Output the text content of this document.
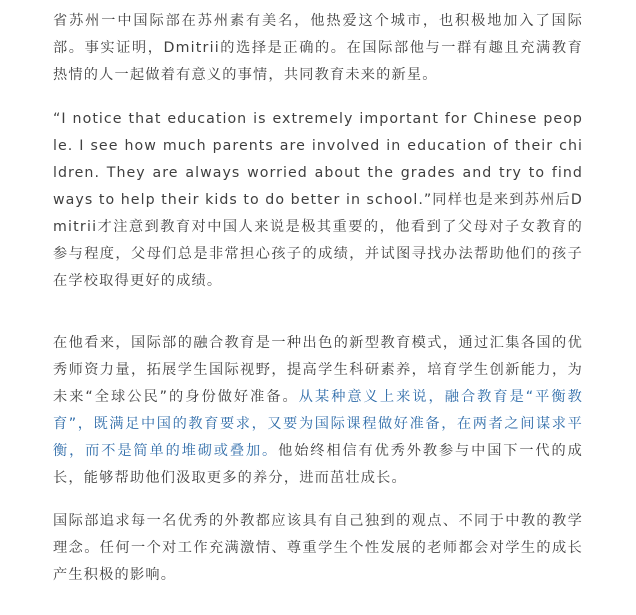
省苏州一中国际部在苏州素有美名，他热爱这个城市，也积极地加入了国际部。事实证明，Dmitrii的选择是正确的。在国际部他与一群有趣且充满教育热情的人一起做着有意义的事情，共同教育未来的新星。

“I notice that education is extremely important for Chinese people. I see how much parents are involved in education of their children. They are always worried about the grades and try to find ways to help their kids to do better in school.”同样也是来到苏州后Dmitrii才注意到教育对中国人来说是极其重要的，他看到了父母对子女教育的参与程度，父母们总是非常担心孩子的成绩，并试图寻找办法帮助他们的孩子在学校取得更好的成绩。

在他看来，国际部的融合教育是一种出色的新型教育模式，通过汇集各国的优秀师资力量，拓展学生国际视野，提高学生科研素养，培育学生创新能力，为未来“全球公民”的身份做好准备。从某种意义上来说，融合教育是“平衡教育”，既满足中国的教育要求，又要为国际课程做好准备，在两者之间谋求平衡，而不是简单的堆砌或叠加。他始终相信有优秀外教参与中国下一代的成长，能够帮助他们汲取更多的养分，进而茁壮成长。

国际部追求每一名优秀的外教都应该具有自己独到的观点、不同于中教的教学理念。任何一个对工作充满激情、尊重学生个性发展的老师都会对学生的成长产生积极的影响。
